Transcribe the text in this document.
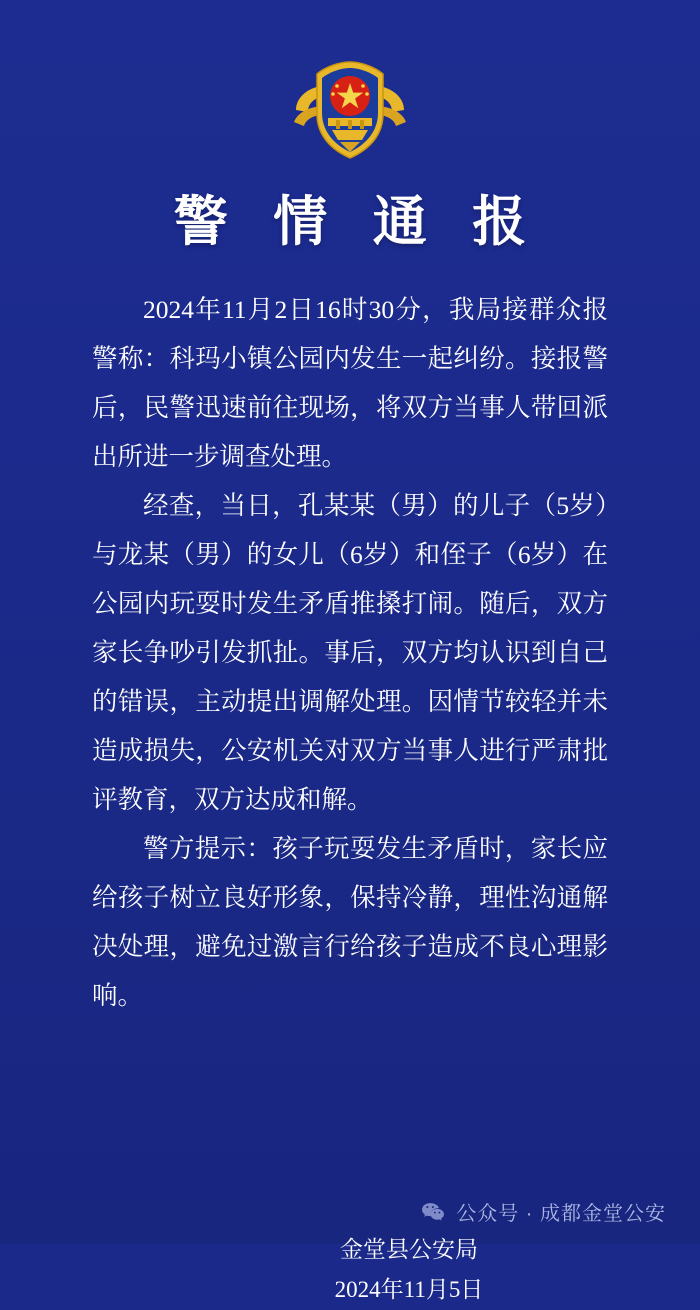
警 情 通 报

2024年11月2日16时30分，我局接群众报警称：科玛小镇公园内发生一起纠纷。接报警后，民警迅速前往现场，将双方当事人带回派出所进一步调查处理。

经查，当日，孔某某（男）的儿子（5岁）与龙某（男）的女儿（6岁）和侄子（6岁）在公园内玩耍时发生矛盾推搡打闹。随后，双方家长争吵引发抓扯。事后，双方均认识到自己的错误，主动提出调解处理。因情节较轻并未造成损失，公安机关对双方当事人进行严肃批评教育，双方达成和解。

警方提示：孩子玩耍发生矛盾时，家长应给孩子树立良好形象，保持冷静，理性沟通解决处理，避免过激言行给孩子造成不良心理影响。

金堂县公安局
2024年11月5日
公众号 · 成都金堂公安
